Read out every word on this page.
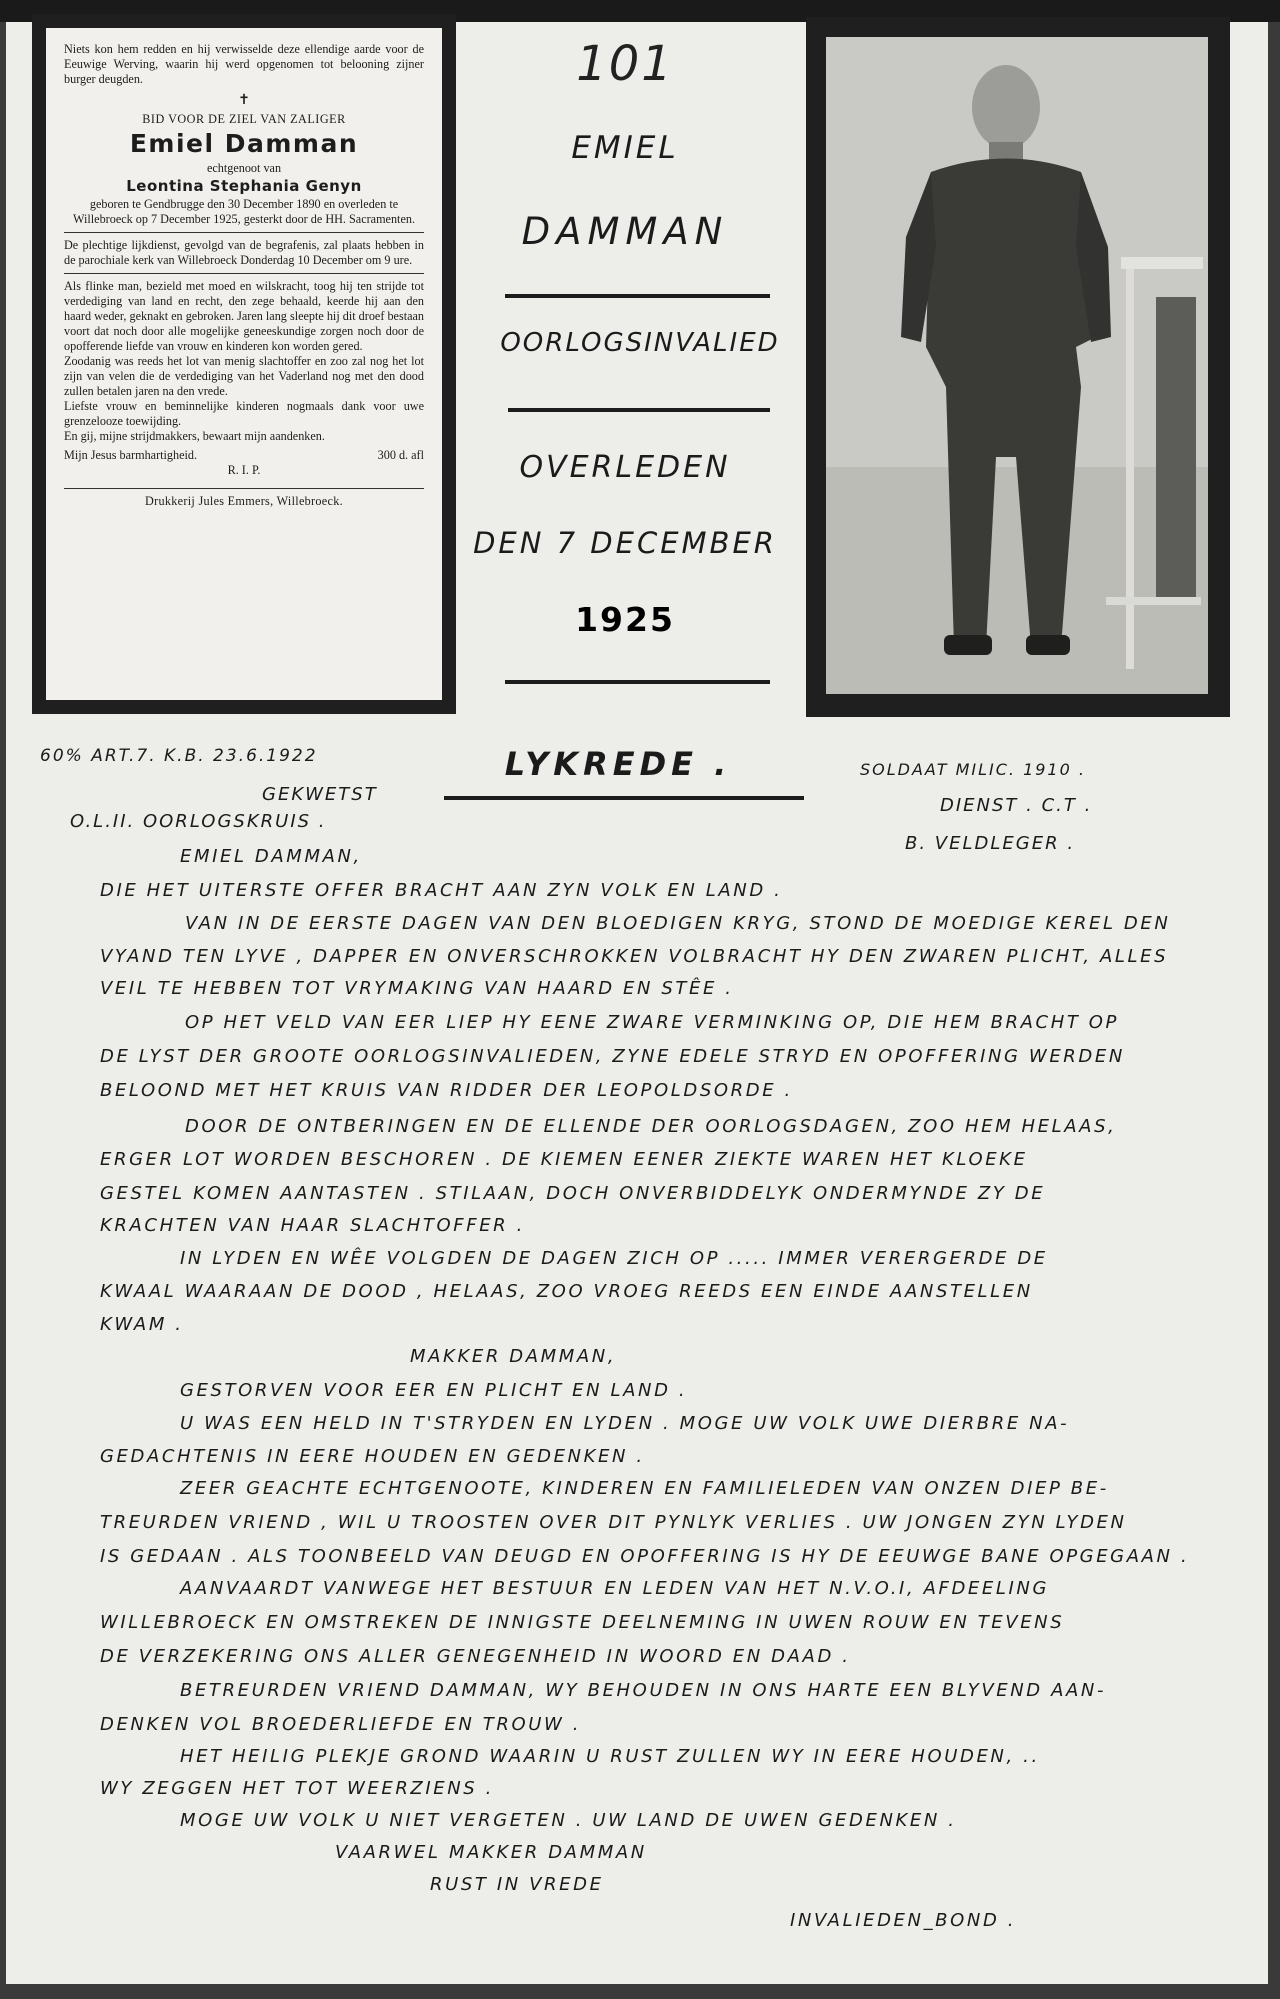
Niets kon hem redden en hij verwisselde deze ellendige aarde voor de Eeuwige Werving, waarin hij werd opgenomen tot belooning zijner burger deugden.
✝
BID VOOR DE ZIEL VAN ZALIGER
Emiel Damman
echtgenoot van
Leontina Stephania Genyn
geboren te Gendbrugge den 30 December 1890 en overleden te Willebroeck op 7 December 1925, gesterkt door de HH. Sacramenten.
De plechtige lijkdienst, gevolgd van de begrafenis, zal plaats hebben in de parochiale kerk van Willebroeck Donderdag 10 December om 9 ure.
Als flinke man, bezield met moed en wilskracht, toog hij ten strijde tot verdediging van land en recht, den zege behaald, keerde hij aan den haard weder, geknakt en gebroken. Jaren lang sleepte hij dit droef bestaan voort dat noch door alle mogelijke geneeskundige zorgen noch door de opofferende liefde van vrouw en kinderen kon worden gered.
Zoodanig was reeds het lot van menig slachtoffer en zoo zal nog het lot zijn van velen die de verdediging van het Vaderland nog met den dood zullen betalen jaren na den vrede.
Liefste vrouw en beminnelijke kinderen nogmaals dank voor uwe grenzelooze toewijding.
En gij, mijne strijdmakkers, bewaart mijn aandenken.
Mijn Jesus barmhartigheid.	300 d. afl
R. I. P.
Drukkerij Jules Emmers, Willebroeck.
101
EMIEL
DAMMAN
OORLOGSINVALIED
OVERLEDEN
DEN 7 DECEMBER
1925
60% ART.7. K.B. 23.6.1922
GEKWETST
O.L.II. OORLOGSKRUIS .
LYKREDE .	SOLDAAT MILIC. 1910 .
DIENST . C.T .
B. VELDLEGER .
EMIEL DAMMAN,
DIE HET UITERSTE OFFER BRACHT AAN ZYN VOLK EN LAND .
VAN IN DE EERSTE DAGEN VAN DEN BLOEDIGEN KRYG, STOND DE MOEDIGE KEREL DEN
VYAND TEN LYVE , DAPPER EN ONVERSCHROKKEN VOLBRACHT HY DEN ZWAREN PLICHT, ALLES
VEIL TE HEBBEN TOT VRYMAKING VAN HAARD EN STÊE .
OP HET VELD VAN EER LIEP HY EENE ZWARE VERMINKING OP, DIE HEM BRACHT OP
DE LYST DER GROOTE OORLOGSINVALIEDEN, ZYNE EDELE STRYD EN OPOFFERING WERDEN
BELOOND MET HET KRUIS VAN RIDDER DER LEOPOLDSORDE .
DOOR DE ONTBERINGEN EN DE ELLENDE DER OORLOGSDAGEN, ZOO HEM HELAAS,
ERGER LOT WORDEN BESCHOREN . DE KIEMEN EENER ZIEKTE WAREN HET KLOEKE
GESTEL KOMEN AANTASTEN . STILAAN, DOCH ONVERBIDDELYK ONDERMYNDE ZY DE
KRACHTEN VAN HAAR SLACHTOFFER .
IN LYDEN EN WÊE VOLGDEN DE DAGEN ZICH OP ..... IMMER VERERGERDE DE
KWAAL WAARAAN DE DOOD , HELAAS, ZOO VROEG REEDS EEN EINDE AANSTELLEN
KWAM .
MAKKER DAMMAN,
GESTORVEN VOOR EER EN PLICHT EN LAND .
U WAS EEN HELD IN T'STRYDEN EN LYDEN . MOGE UW VOLK UWE DIERBRE NA-
GEDACHTENIS IN EERE HOUDEN EN GEDENKEN .
ZEER GEACHTE ECHTGENOOTE, KINDEREN EN FAMILIELEDEN VAN ONZEN DIEP BE-
TREURDEN VRIEND , WIL U TROOSTEN OVER DIT PYNLYK VERLIES . UW JONGEN ZYN LYDEN
IS GEDAAN . ALS TOONBEELD VAN DEUGD EN OPOFFERING IS HY DE EEUWGE BANE OPGEGAAN .
AANVAARDT VANWEGE HET BESTUUR EN LEDEN VAN HET N.V.O.I, AFDEELING
WILLEBROECK EN OMSTREKEN DE INNIGSTE DEELNEMING IN UWEN ROUW EN TEVENS
DE VERZEKERING ONS ALLER GENEGENHEID IN WOORD EN DAAD .
BETREURDEN VRIEND DAMMAN, WY BEHOUDEN IN ONS HARTE EEN BLYVEND AAN-
DENKEN VOL BROEDERLIEFDE EN TROUW .
HET HEILIG PLEKJE GROND WAARIN U RUST ZULLEN WY IN EERE HOUDEN, ..
WY ZEGGEN HET TOT WEERZIENS .
MOGE UW VOLK U NIET VERGETEN . UW LAND DE UWEN GEDENKEN .
VAARWEL MAKKER DAMMAN
RUST IN VREDE
INVALIEDEN_BOND .
